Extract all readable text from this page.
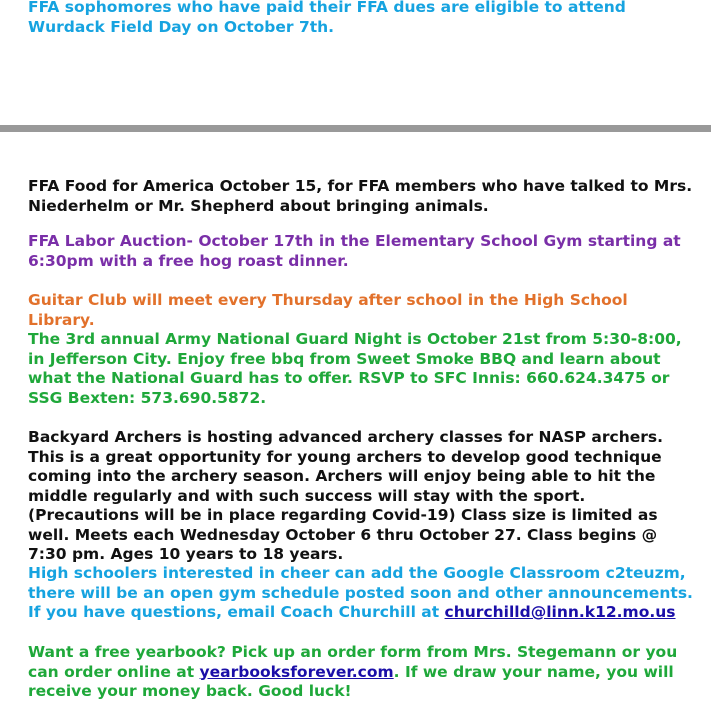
FFA sophomores who have paid their FFA dues are eligible to attend Wurdack Field Day on October 7th.

FFA Food for America October 15, for FFA members who have talked to Mrs. Niederhelm or Mr. Shepherd about bringing animals.

FFA Labor Auction- October 17th in the Elementary School Gym starting at 6:30pm with a free hog roast dinner.

Guitar Club will meet every Thursday after school in the High School Library.

The 3rd annual Army National Guard Night is October 21st from 5:30-8:00, in Jefferson City. Enjoy free bbq from Sweet Smoke BBQ and learn about what the National Guard has to offer. RSVP to SFC Innis: 660.624.3475 or SSG Bexten: 573.690.5872.

Backyard Archers is hosting advanced archery classes for NASP archers. This is a great opportunity for young archers to develop good technique coming into the archery season. Archers will enjoy being able to hit the middle regularly and with such success will stay with the sport. (Precautions will be in place regarding Covid-19) Class size is limited as well. Meets each Wednesday October 6 thru October 27. Class begins @ 7:30 pm. Ages 10 years to 18 years.

High schoolers interested in cheer can add the Google Classroom c2teuzm, there will be an open gym schedule posted soon and other announcements. If you have questions, email Coach Churchill at churchilld@linn.k12.mo.us

Want a free yearbook? Pick up an order form from Mrs. Stegemann or you can order online at yearbooksforever.com. If we draw your name, you will receive your money back. Good luck!
